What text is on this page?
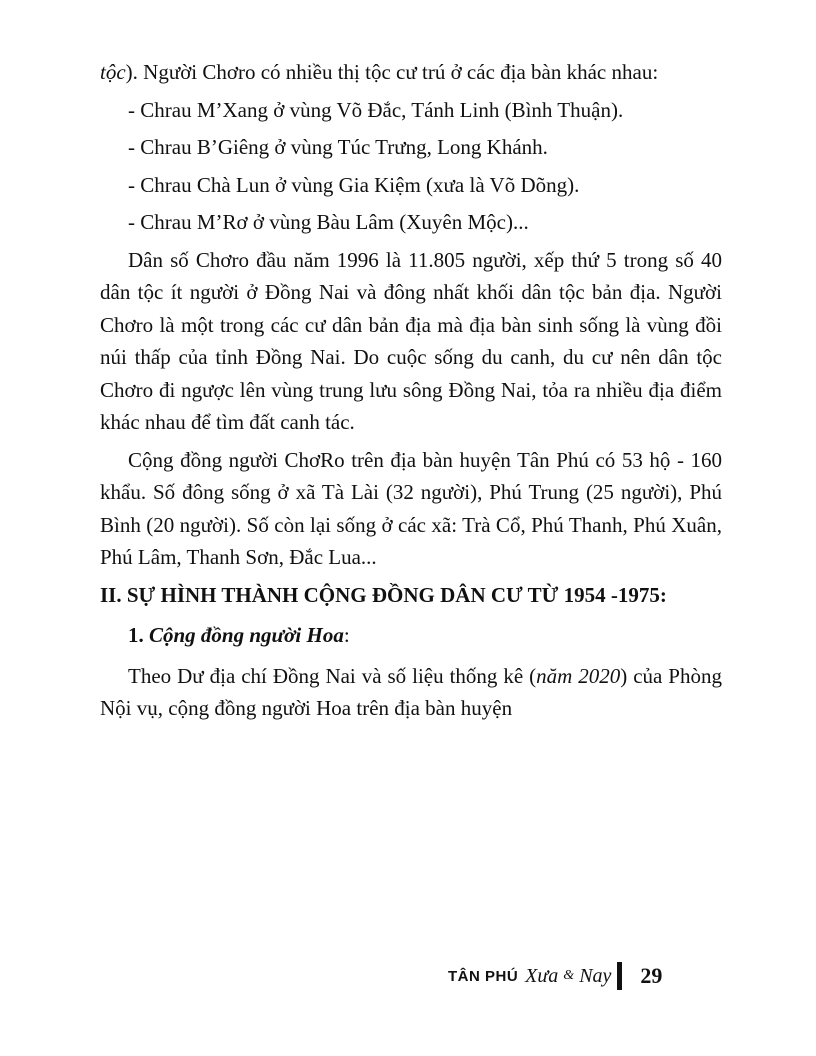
tộc). Người Chơro có nhiều thị tộc cư trú ở các địa bàn khác nhau:

- Chrau M’Xang ở vùng Võ Đắc, Tánh Linh (Bình Thuận).

- Chrau B’Giêng ở vùng Túc Trưng, Long Khánh.

- Chrau Chà Lun ở vùng Gia Kiệm (xưa là Võ Dõng).

- Chrau M’Rơ ở vùng Bàu Lâm (Xuyên Mộc)...

Dân số Chơro đầu năm 1996 là 11.805 người, xếp thứ 5 trong số 40 dân tộc ít người ở Đồng Nai và đông nhất khối dân tộc bản địa. Người Chơro là một trong các cư dân bản địa mà địa bàn sinh sống là vùng đồi núi thấp của tỉnh Đồng Nai. Do cuộc sống du canh, du cư nên dân tộc Chơro đi ngược lên vùng trung lưu sông Đồng Nai, tỏa ra nhiều địa điểm khác nhau để tìm đất canh tác.

Cộng đồng người ChơRo trên địa bàn huyện Tân Phú có 53 hộ - 160 khẩu. Số đông sống ở xã Tà Lài (32 người), Phú Trung (25 người), Phú Bình (20 người). Số còn lại sống ở các xã: Trà Cổ, Phú Thanh, Phú Xuân, Phú Lâm, Thanh Sơn, Đắc Lua...

II. SỰ HÌNH THÀNH CỘNG ĐỒNG DÂN CƯ TỪ 1954 -1975:

1. Cộng đồng người Hoa:

Theo Dư địa chí Đồng Nai và số liệu thống kê (năm 2020) của Phòng Nội vụ, cộng đồng người Hoa trên địa bàn huyện

TÂN PHÚ Xưa & Nay 29
